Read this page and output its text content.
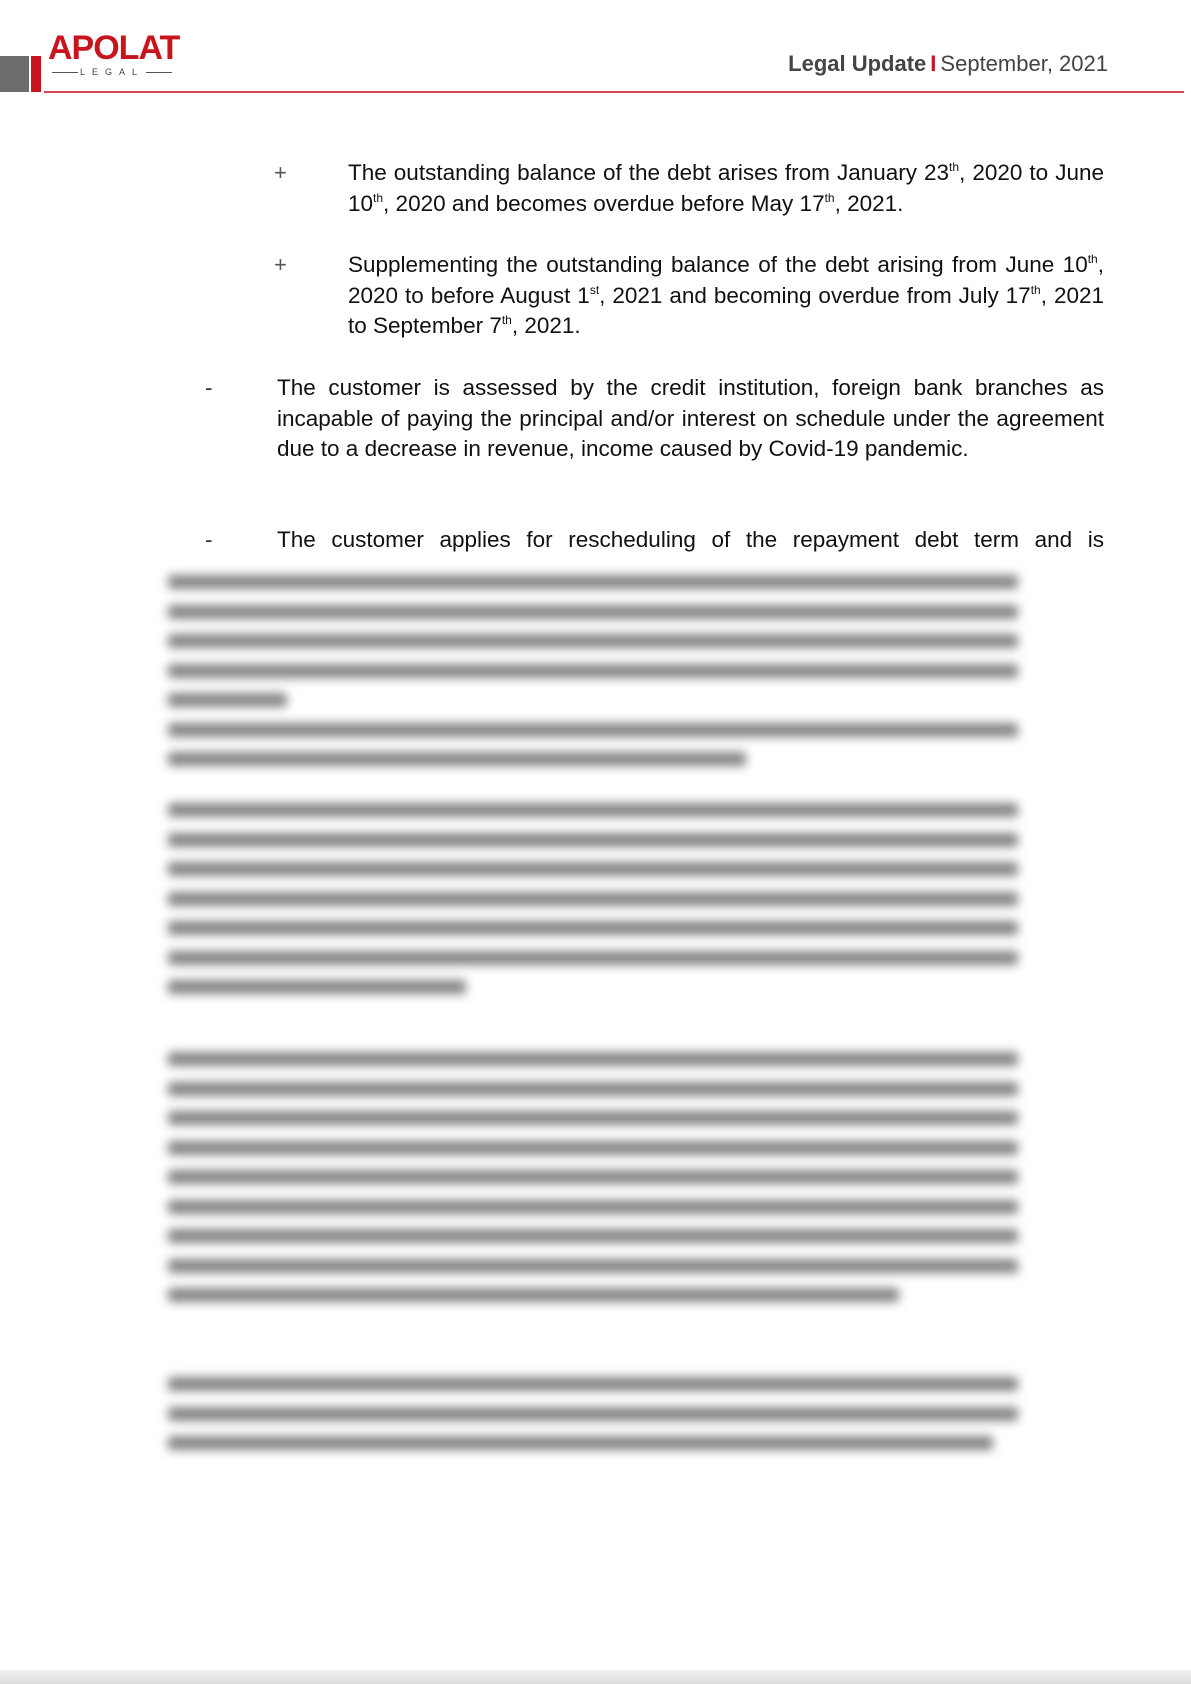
APOLAT
LEGAL	Legal Update I September, 2021
+	The outstanding balance of the debt arises from January 23th, 2020 to June 10th, 2020 and becomes overdue before May 17th, 2021.
+	Supplementing the outstanding balance of the debt arising from June 10th, 2020 to before August 1st, 2021 and becoming overdue from July 17th, 2021 to September 7th, 2021.
-	The customer is assessed by the credit institution, foreign bank branches as incapable of paying the principal and/or interest on schedule under the agreement due to a decrease in revenue, income caused by Covid-19 pandemic.
-	The customer applies for rescheduling of the repayment debt term and is
